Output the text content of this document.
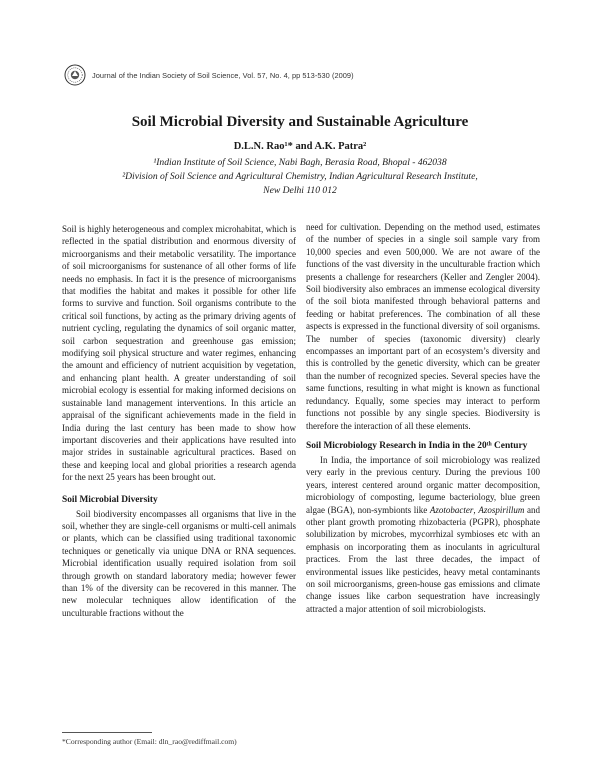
Journal of the Indian Society of Soil Science, Vol. 57, No. 4, pp 513-530 (2009)
Soil Microbial Diversity and Sustainable Agriculture
D.L.N. Rao¹* and A.K. Patra²
¹Indian Institute of Soil Science, Nabi Bagh, Berasia Road, Bhopal - 462038
²Division of Soil Science and Agricultural Chemistry, Indian Agricultural Research Institute,
New Delhi 110 012

Soil is highly heterogeneous and complex microhabitat, which is reflected in the spatial distribution and enormous diversity of microorganisms and their metabolic versatility. The importance of soil microorganisms for sustenance of all other forms of life needs no emphasis. In fact it is the presence of microorganisms that modifies the habitat and makes it possible for other life forms to survive and function. Soil organisms contribute to the critical soil functions, by acting as the primary driving agents of nutrient cycling, regulating the dynamics of soil organic matter, soil carbon sequestration and greenhouse gas emission; modifying soil physical structure and water regimes, enhancing the amount and efficiency of nutrient acquisition by vegetation, and enhancing plant health. A greater understanding of soil microbial ecology is essential for making informed decisions on sustainable land management interventions. In this article an appraisal of the significant achievements made in the field in India during the last century has been made to show how important discoveries and their applications have resulted into major strides in sustainable agricultural practices. Based on these and keeping local and global priorities a research agenda for the next 25 years has been brought out.

Soil Microbial Diversity

Soil biodiversity encompasses all organisms that live in the soil, whether they are single-cell organisms or multi-cell animals or plants, which can be classified using traditional taxonomic techniques or genetically via unique DNA or RNA sequences. Microbial identification usually required isolation from soil through growth on standard laboratory media; however fewer than 1% of the diversity can be recovered in this manner. The new molecular techniques allow identification of the unculturable fractions without the

need for cultivation. Depending on the method used, estimates of the number of species in a single soil sample vary from 10,000 species and even 500,000. We are not aware of the functions of the vast diversity in the unculturable fraction which presents a challenge for researchers (Keller and Zengler 2004). Soil biodiversity also embraces an immense ecological diversity of the soil biota manifested through behavioral patterns and feeding or habitat preferences. The combination of all these aspects is expressed in the functional diversity of soil organisms. The number of species (taxonomic diversity) clearly encompasses an important part of an ecosystem’s diversity and this is controlled by the genetic diversity, which can be greater than the number of recognized species. Several species have the same functions, resulting in what might is known as functional redundancy. Equally, some species may interact to perform functions not possible by any single species. Biodiversity is therefore the interaction of all these elements.

Soil Microbiology Research in India in the 20ᵗʰ Century

In India, the importance of soil microbiology was realized very early in the previous century. During the previous 100 years, interest centered around organic matter decomposition, microbiology of composting, legume bacteriology, blue green algae (BGA), non-symbionts like Azotobacter, Azospirillum and other plant growth promoting rhizobacteria (PGPR), phosphate solubilization by microbes, mycorrhizal symbioses etc with an emphasis on incorporating them as inoculants in agricultural practices. From the last three decades, the impact of environmental issues like pesticides, heavy metal contaminants on soil microorganisms, green-house gas emissions and climate change issues like carbon sequestration have increasingly attracted a major attention of soil microbiologists.

*Corresponding author (Email: dln_rao@rediffmail.com)
